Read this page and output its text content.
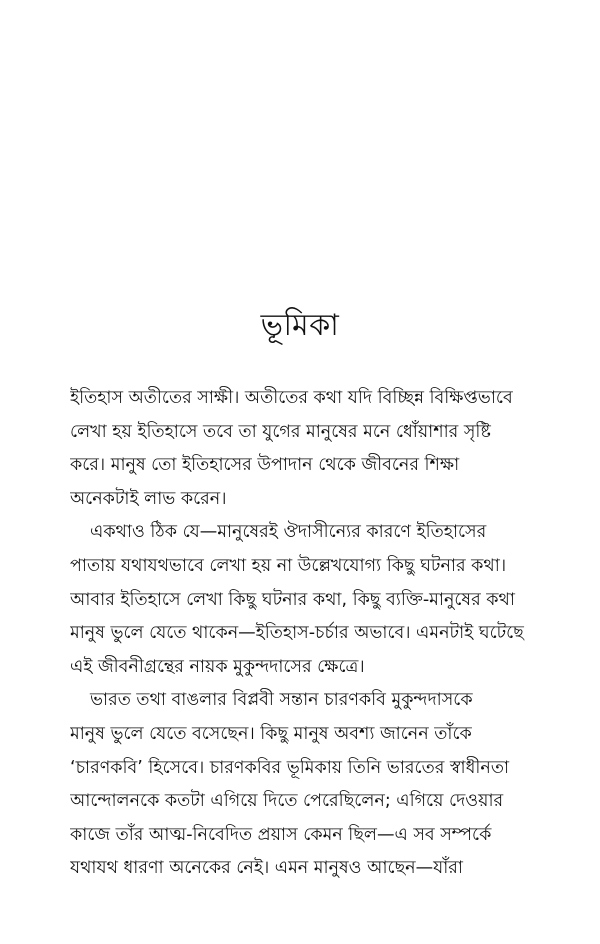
ভূমিকা

ইতিহাস অতীতের সাক্ষী। অতীতের কথা যদি বিচ্ছিন্ন বিক্ষিপ্তভাবে
লেখা হয় ইতিহাসে তবে তা যুগের মানুষের মনে ধোঁয়াশার সৃষ্টি
করে। মানুষ তো ইতিহাসের উপাদান থেকে জীবনের শিক্ষা
অনেকটাই লাভ করেন।

একথাও ঠিক যে—মানুষেরই ঔদাসীন্যের কারণে ইতিহাসের
পাতায় যথাযথভাবে লেখা হয় না উল্লেখযোগ্য কিছু ঘটনার কথা।
আবার ইতিহাসে লেখা কিছু ঘটনার কথা, কিছু ব্যক্তি-মানুষের কথা
মানুষ ভুলে যেতে থাকেন—ইতিহাস-চর্চার অভাবে। এমনটাই ঘটেছে
এই জীবনীগ্রন্থের নায়ক মুকুন্দদাসের ক্ষেত্রে।

ভারত তথা বাঙলার বিপ্লবী সন্তান চারণকবি মুকুন্দদাসকে
মানুষ ভুলে যেতে বসেছেন। কিছু মানুষ অবশ্য জানেন তাঁকে
‘চারণকবি’ হিসেবে। চারণকবির ভূমিকায় তিনি ভারতের স্বাধীনতা
আন্দোলনকে কতটা এগিয়ে দিতে পেরেছিলেন; এগিয়ে দেওয়ার
কাজে তাঁর আত্ম-নিবেদিত প্রয়াস কেমন ছিল—এ সব সম্পর্কে
যথাযথ ধারণা অনেকের নেই। এমন মানুষও আছেন—যাঁরা
